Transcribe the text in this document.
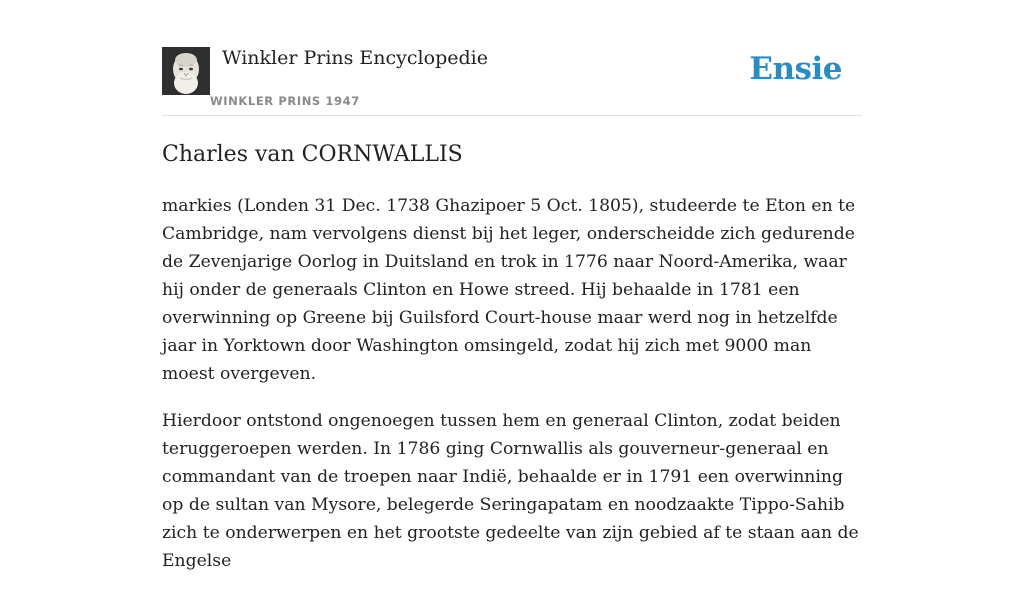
Winkler Prins Encyclopedie
WINKLER PRINS 1947
Ensie
Charles van CORNWALLIS

markies (Londen 31 Dec. 1738 Ghazipoer 5 Oct. 1805), studeerde te Eton en te Cambridge, nam vervolgens dienst bij het leger, onderscheidde zich gedurende de Zevenjarige Oorlog in Duitsland en trok in 1776 naar Noord-Amerika, waar hij onder de generaals Clinton en Howe streed. Hij behaalde in 1781 een overwinning op Greene bij Guilsford Court-house maar werd nog in hetzelfde jaar in Yorktown door Washington omsingeld, zodat hij zich met 9000 man moest overgeven.

Hierdoor ontstond ongenoegen tussen hem en generaal Clinton, zodat beiden teruggeroepen werden. In 1786 ging Cornwallis als gouverneur-generaal en commandant van de troepen naar Indië, behaalde er in 1791 een overwinning op de sultan van Mysore, belegerde Seringapatam en noodzaakte Tippo-Sahib zich te onderwerpen en het grootste gedeelte van zijn gebied af te staan aan de Engelse
